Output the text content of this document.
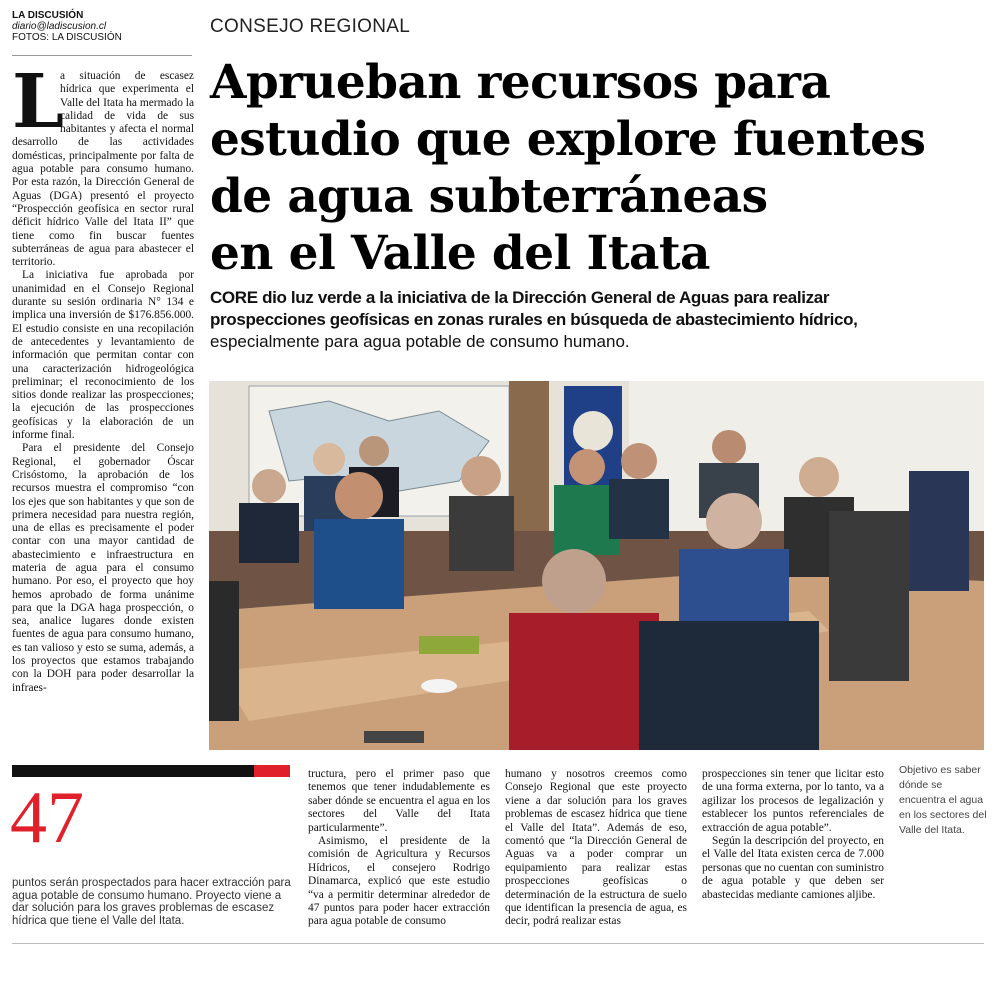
LA DISCUSIÓN
diario@ladiscusion.cl
FOTOS: LA DISCUSIÓN
CONSEJO REGIONAL
Aprueban recursos para
estudio que explore fuentes
de agua subterráneas
en el Valle del Itata
CORE dio luz verde a la iniciativa de la Dirección General de Aguas para realizar
prospecciones geofísicas en zonas rurales en búsqueda de abastecimiento hídrico,
especialmente para agua potable de consumo humano.

L
a situación de escasez hídrica que experimenta el Valle del Itata ha mermado la calidad de vida de sus habitantes y afecta el normal desarrollo de las actividades domésticas, principalmente por falta de agua potable para consumo humano. Por esta razón, la Dirección General de Aguas (DGA) presentó el proyecto “Prospección geofísica en sector rural déficit hídrico Valle del Itata II” que tiene como fin buscar fuentes subterráneas de agua para abastecer el territorio.

La iniciativa fue aprobada por unanimidad en el Consejo Regional durante su sesión ordinaria N° 134 e implica una inversión de $176.856.000. El estudio consiste en una recopilación de antecedentes y levantamiento de información que permitan contar con una caracterización hidrogeológica preliminar; el reconocimiento de los sitios donde realizar las prospecciones; la ejecución de las prospecciones geofísicas y la elaboración de un informe final.

Para el presidente del Consejo Regional, el gobernador Óscar Crisóstomo, la aprobación de los recursos muestra el compromiso “con los ejes que son habitantes y que son de primera necesidad para nuestra región, una de ellas es precisamente el poder contar con una mayor cantidad de abastecimiento e infraestructura en materia de agua para el consumo humano. Por eso, el proyecto que hoy hemos aprobado de forma unánime para que la DGA haga prospección, o sea, analice lugares donde existen fuentes de agua para consumo humano, es tan valioso y esto se suma, además, a los proyectos que estamos trabajando con la DOH para poder desarrollar la infraes-

Objetivo es saber dónde se encuentra el agua en los sectores del Valle del Itata.
47
puntos serán prospectados para hacer extracción para agua potable de consumo humano. Proyecto viene a dar solución para los graves problemas de escasez hídrica que tiene el Valle del Itata.

tructura, pero el primer paso que tenemos que tener indudablemente es saber dónde se encuentra el agua en los sectores del Valle del Itata particularmente”.

Asimismo, el presidente de la comisión de Agricultura y Recursos Hídricos, el consejero Rodrigo Dinamarca, explicó que este estudio “va a permitir determinar alrededor de 47 puntos para poder hacer extracción para agua potable de consumo

humano y nosotros creemos como Consejo Regional que este proyecto viene a dar solución para los graves problemas de escasez hídrica que tiene el Valle del Itata”. Además de eso, comentó que “la Dirección General de Aguas va a poder comprar un equipamiento para realizar estas prospecciones geofísicas o determinación de la estructura de suelo que identifican la presencia de agua, es decir, podrá realizar estas

prospecciones sin tener que licitar esto de una forma externa, por lo tanto, va a agilizar los procesos de legalización y establecer los puntos referenciales de extracción de agua potable”.

Según la descripción del proyecto, en el Valle del Itata existen cerca de 7.000 personas que no cuentan con suministro de agua potable y que deben ser abastecidas mediante camiones aljibe.
